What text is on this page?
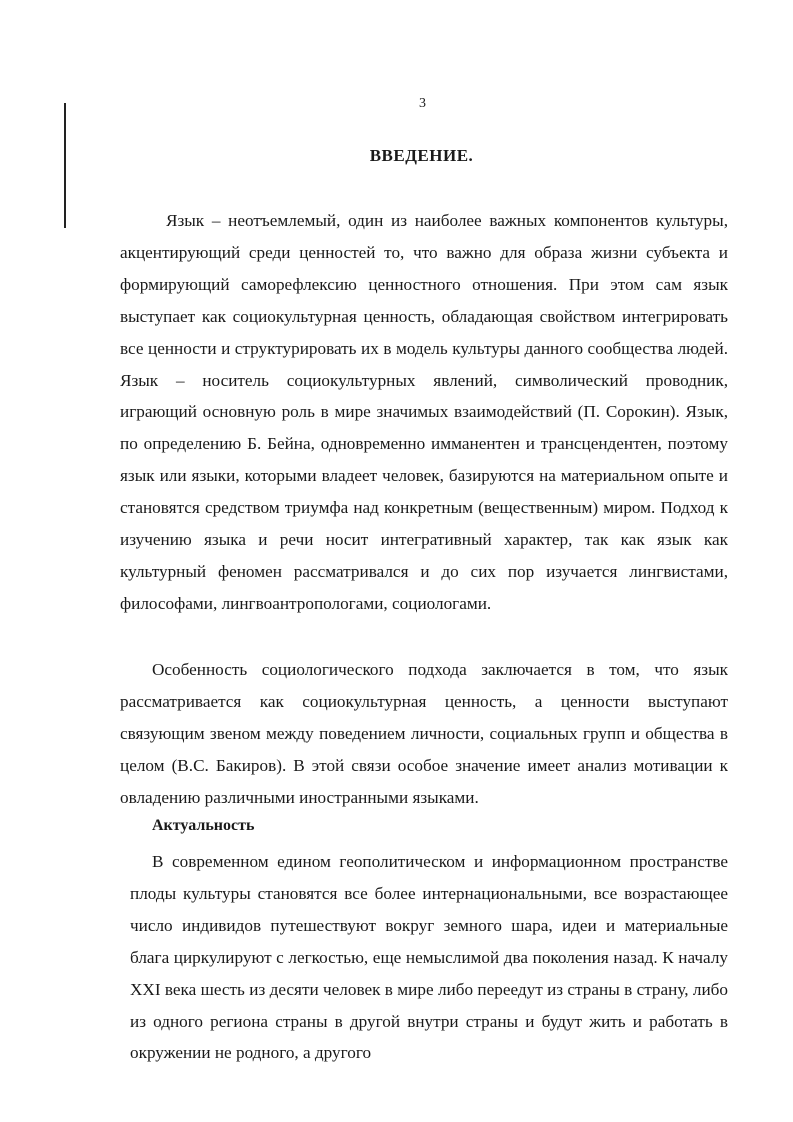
3
ВВЕДЕНИЕ.

Язык – неотъемлемый, один из наиболее важных компонентов культуры, акцентирующий среди ценностей то, что важно для образа жизни субъекта и формирующий саморефлексию ценностного отношения. При этом сам язык выступает как социокультурная ценность, обладающая свойством интегрировать все ценности и структурировать их в модель культуры данного сообщества людей. Язык – носитель социокультурных явлений, символический проводник, играющий основную роль в мире значимых взаимодействий (П. Сорокин). Язык, по определению Б. Бейна, одновременно имманентен и трансцендентен, поэтому язык или языки, которыми владеет человек, базируются на материальном опыте и становятся средством триумфа над конкретным (вещественным) миром. Подход к изучению языка и речи носит интегративный характер, так как язык как культурный феномен рассматривался и до сих пор изучается лингвистами, философами, лингвоантропологами, социологами.

Особенность социологического подхода заключается в том, что язык рассматривается как социокультурная ценность, а ценности выступают связующим звеном между поведением личности, социальных групп и общества в целом (В.С. Бакиров). В этой связи особое значение имеет анализ мотивации к овладению различными иностранными языками.

Актуальность

В современном едином геополитическом и информационном пространстве плоды культуры становятся все более интернациональными, все возрастающее число индивидов путешествуют вокруг земного шара, идеи и материальные блага циркулируют с легкостью, еще немыслимой два поколения назад. К началу XXI века шесть из десяти человек в мире либо переедут из страны в страну, либо из одного региона страны в другой внутри страны и будут жить и работать в окружении не родного, а другого
